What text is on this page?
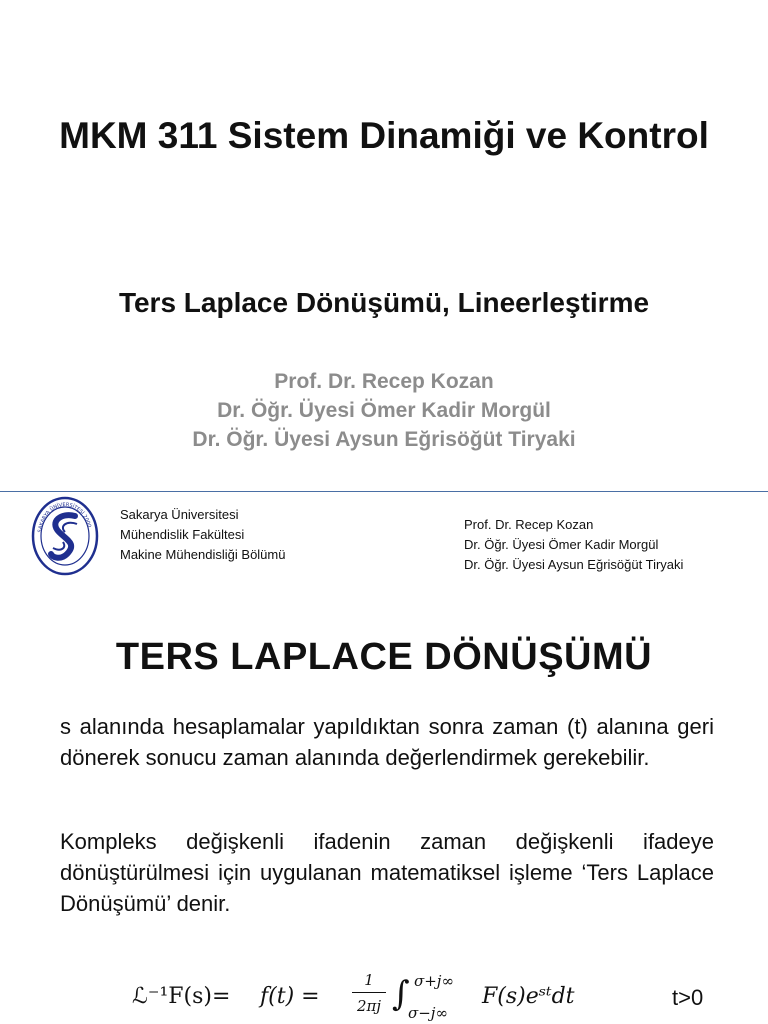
MKM 311 Sistem Dinamiği ve Kontrol
Ters Laplace Dönüşümü, Lineerleştirme
Prof. Dr. Recep Kozan
Dr. Öğr. Üyesi Ömer Kadir Morgül
Dr. Öğr. Üyesi Aysun Eğrisöğüt Tiryaki
SAKARYA ÜNİVERSİTESİ 2000
Sakarya Üniversitesi
Mühendislik Fakültesi
Makine Mühendisliği Bölümü
Prof. Dr. Recep Kozan
Dr. Öğr. Üyesi Ömer Kadir Morgül
Dr. Öğr. Üyesi Aysun Eğrisöğüt Tiryaki
TERS LAPLACE DÖNÜŞÜMÜ
s alanında hesaplamalar yapıldıktan sonra zaman (t) alanına geri dönerek sonucu zaman alanında değerlendirmek gerekebilir.
Kompleks değişkenli ifadenin zaman değişkenli ifadeye dönüştürülmesi için uygulanan matematiksel işleme ‘Ters Laplace Dönüşümü’ denir.
ℒ⁻¹F(s)= f(t) =
1
2πj ∫ σ+j∞
σ−j∞
F(s)eˢᵗdt	t>0
